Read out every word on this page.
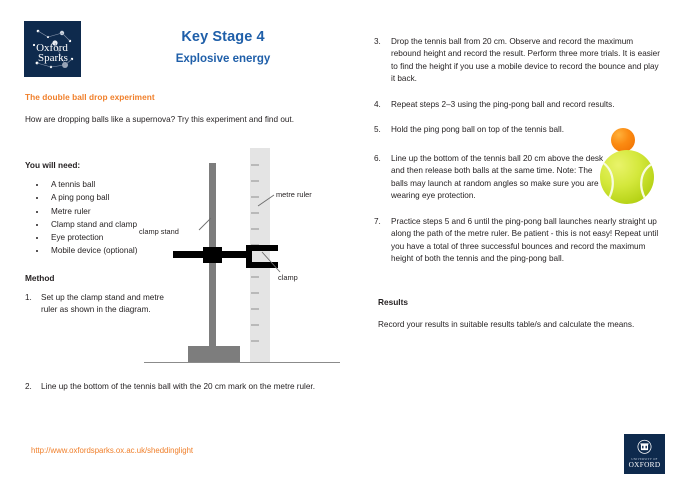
Oxford
Sparks
Key Stage 4
Explosive energy
The double ball drop experiment
How are dropping balls like a supernova? Try this experiment and find out.
You will need:
• A tennis ball
• A ping pong ball
• Metre ruler
• Clamp stand and clamp
• Eye protection
• Mobile device (optional)
Method
1.	Set up the clamp stand and metre ruler as shown in the diagram.
2.	Line up the bottom of the tennis ball with the 20 cm mark on the metre ruler.
clamp stand
metre ruler
clamp
3.	Drop the tennis ball from 20 cm. Observe and record the maximum rebound height and record the result. Perform three more trials. It is easier to find the height if you use a mobile device to record the bounce and play it back.
4.	Repeat steps 2–3 using the ping-pong ball and record results.
5.	Hold the ping pong ball on top of the tennis ball.
6.	Line up the bottom of the tennis ball 20 cm above the desk and then release both balls at the same time. Note: The balls may launch at random angles so make sure you are wearing eye protection.
7.	Practice steps 5 and 6 until the ping-pong ball launches nearly straight up along the path of the metre ruler. Be patient - this is not easy! Repeat until you have a total of three successful bounces and record the maximum height of both the tennis and the ping-pong ball.
Results
Record your results in suitable results table/s and calculate the means.
http://www.oxfordsparks.ox.ac.uk/sheddinglight
UNIVERSITY OF
OXFORD
